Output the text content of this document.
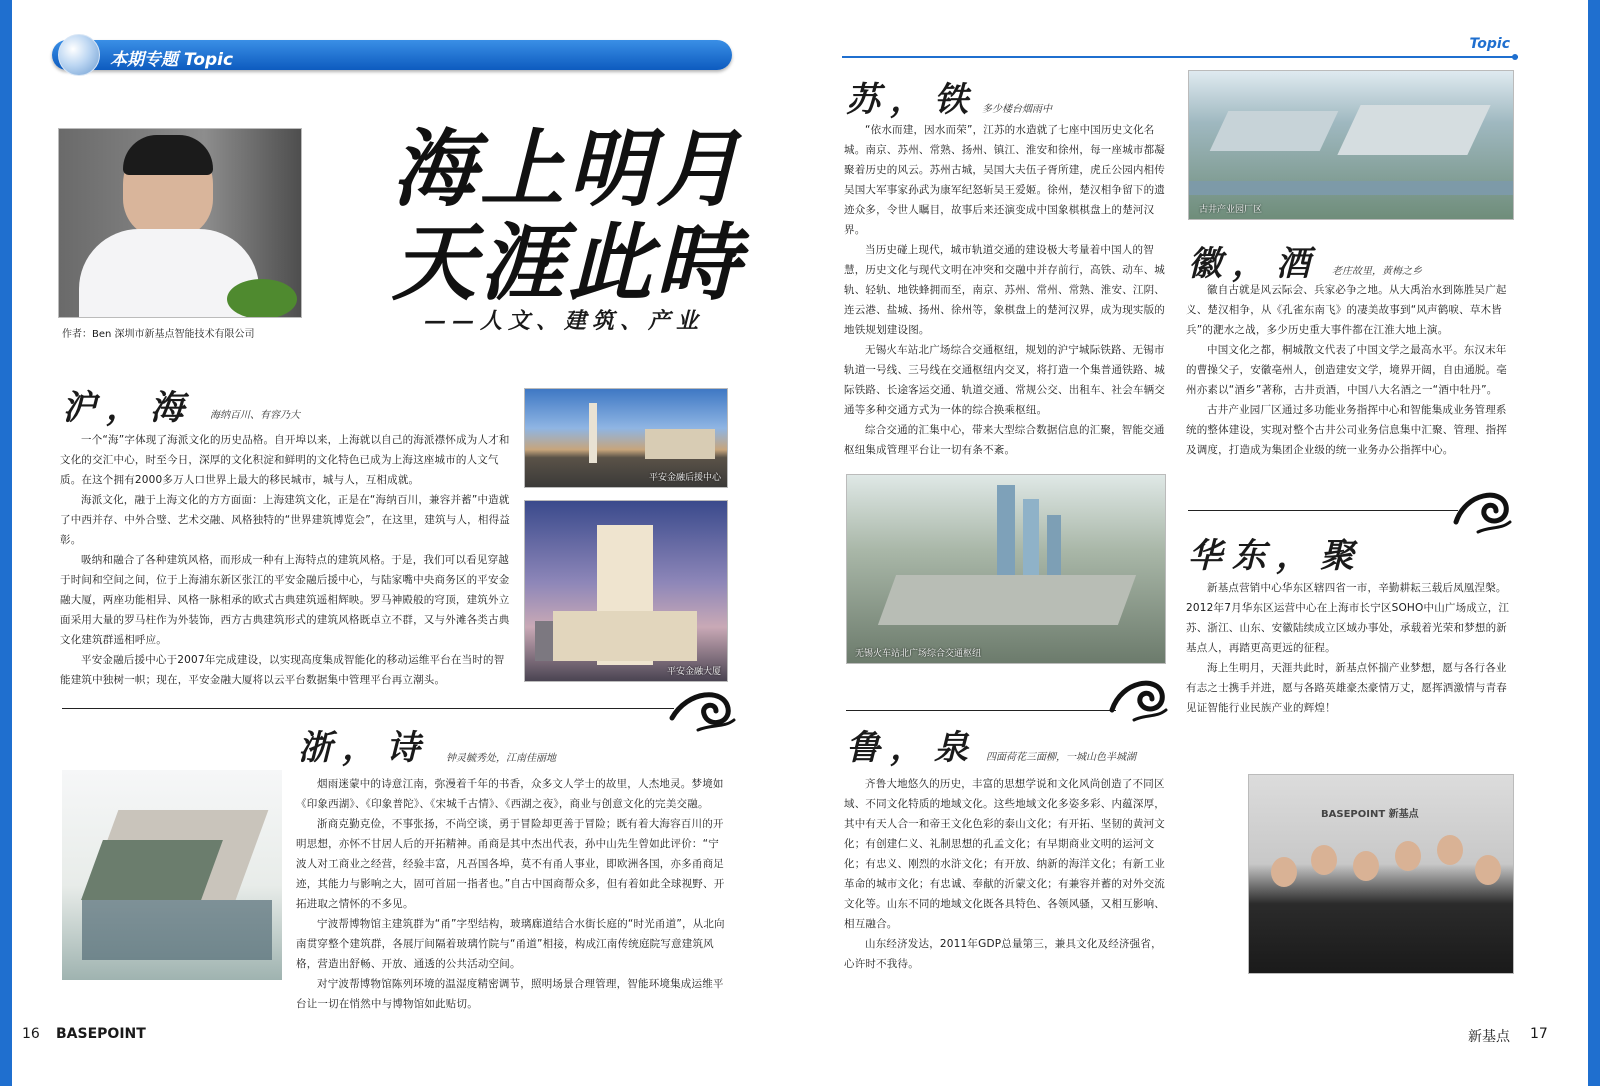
本期专题 Topic
Topic
作者：Ben 深圳市新基点智能技术有限公司
海上明月
天涯此時
——人文、建筑、产业
沪，海 海纳百川、有容乃大

一个“海”字体现了海派文化的历史品格。自开埠以来，上海就以自己的海派襟怀成为人才和文化的交汇中心，时至今日，深厚的文化积淀和鲜明的文化特色已成为上海这座城市的人文气质。在这个拥有2000多万人口世界上最大的移民城市，城与人，互相成就。

海派文化，融于上海文化的方方面面：上海建筑文化，正是在“海纳百川，兼容并蓄”中造就了中西并存、中外合璧、艺术交融、风格独特的“世界建筑博览会”，在这里，建筑与人，相得益彰。

吸纳和融合了各种建筑风格，而形成一种有上海特点的建筑风格。于是，我们可以看见穿越于时间和空间之间，位于上海浦东新区张江的平安金融后援中心，与陆家嘴中央商务区的平安金融大厦，两座功能相异、风格一脉相承的欧式古典建筑遥相辉映。罗马神殿般的穹顶，建筑外立面采用大量的罗马柱作为外装饰，西方古典建筑形式的建筑风格既卓立不群，又与外滩各类古典文化建筑群遥相呼应。

平安金融后援中心于2007年完成建设，以实现高度集成智能化的移动运维平台在当时的智能建筑中独树一帜；现在，平安金融大厦将以云平台数据集中管理平台再立潮头。

平安金融后援中心
平安金融大厦
浙，诗 钟灵毓秀处，江南佳丽地

烟雨迷蒙中的诗意江南，弥漫着千年的书香，众多文人学士的故里，人杰地灵。梦境如《印象西湖》、《印象普陀》、《宋城千古情》、《西湖之夜》，商业与创意文化的完美交融。

浙商克勤克俭，不事张扬，不尚空谈，勇于冒险却更善于冒险；既有着大海容百川的开明思想，亦怀不甘居人后的开拓精神。甬商是其中杰出代表，孙中山先生曾如此评价：“宁波人对工商业之经营，经验丰富，凡吾国各埠，莫不有甬人事业，即欧洲各国，亦多甬商足迹，其能力与影响之大，固可首屈一指者也。”自古中国商帮众多，但有着如此全球视野、开拓进取之情怀的不多见。

宁波帮博物馆主建筑群为“甬”字型结构，玻璃廊道结合水街长庭的“时光甬道”，从北向南贯穿整个建筑群，各展厅间隔着玻璃竹院与“甬道”相接，构成江南传统庭院写意建筑风格，营造出舒畅、开放、通透的公共活动空间。

对宁波帮博物馆陈列环境的温湿度精密调节，照明场景合理管理，智能环境集成运维平台让一切在悄然中与博物馆如此贴切。

苏，铁 多少楼台烟雨中

“依水而建，因水而荣”，江苏的水造就了七座中国历史文化名城。南京、苏州、常熟、扬州、镇江、淮安和徐州，每一座城市都凝聚着历史的风云。苏州古城，吴国大夫伍子胥所建，虎丘公园内相传吴国大军事家孙武为康军纪怒斩吴王爱姬。徐州，楚汉相争留下的遗迹众多，令世人瞩目，故事后来还演变成中国象棋棋盘上的楚河汉界。

当历史碰上现代，城市轨道交通的建设极大考量着中国人的智慧，历史文化与现代文明在冲突和交融中并存前行，高铁、动车、城轨、轻轨、地铁蜂拥而至，南京、苏州、常州、常熟、淮安、江阴、连云港、盐城、扬州、徐州等，象棋盘上的楚河汉界，成为现实版的地铁规划建设图。

无锡火车站北广场综合交通枢纽，规划的沪宁城际铁路、无锡市轨道一号线、三号线在交通枢纽内交叉，将打造一个集普通铁路、城际铁路、长途客运交通、轨道交通、常规公交、出租车、社会车辆交通等多种交通方式为一体的综合换乘枢纽。

综合交通的汇集中心，带来大型综合数据信息的汇聚，智能交通枢纽集成管理平台让一切有条不紊。

无锡火车站北广场综合交通枢纽
鲁，泉 四面荷花三面柳，一城山色半城湖

齐鲁大地悠久的历史，丰富的思想学说和文化风尚创造了不同区域、不同文化特质的地域文化。这些地域文化多姿多彩、内蕴深厚，其中有天人合一和帝王文化色彩的泰山文化；有开拓、坚韧的黄河文化；有创建仁义、礼制思想的孔孟文化；有早期商业文明的运河文化；有忠义、刚烈的水浒文化；有开放、纳新的海洋文化；有新工业革命的城市文化；有忠诚、奉献的沂蒙文化；有兼容并蓄的对外交流文化等。山东不同的地域文化既各具特色、各领风骚，又相互影响、相互融合。

山东经济发达，2011年GDP总量第三，兼具文化及经济强省，心许时不我待。

古井产业园厂区
徽，酒 老庄故里，黄梅之乡

徽自古就是风云际会、兵家必争之地。从大禹治水到陈胜吴广起义、楚汉相争，从《孔雀东南飞》的凄美故事到“风声鹤唳、草木皆兵”的淝水之战，多少历史重大事件都在江淮大地上演。

中国文化之都，桐城散文代表了中国文学之最高水平。东汉末年的曹操父子，安徽亳州人，创造建安文学，境界开阔，自由通脱。亳州亦素以“酒乡”著称，古井贡酒，中国八大名酒之一“酒中牡丹”。

古井产业园厂区通过多功能业务指挥中心和智能集成业务管理系统的整体建设，实现对整个古井公司业务信息集中汇聚、管理、指挥及调度，打造成为集团企业级的统一业务办公指挥中心。

华东，聚

新基点营销中心华东区辖四省一市，辛勤耕耘三载后凤凰涅槃。2012年7月华东区运营中心在上海市长宁区SOHO中山广场成立，江苏、浙江、山东、安徽陆续成立区域办事处，承载着光荣和梦想的新基点人，再踏更高更远的征程。

海上生明月，天涯共此时，新基点怀揣产业梦想，愿与各行各业有志之士携手并进，愿与各路英雄豪杰豪情万丈，愿挥洒激情与青春见证智能行业民族产业的辉煌！

BASEPOINT 新基点
16 BASEPOINT	新基点 17
